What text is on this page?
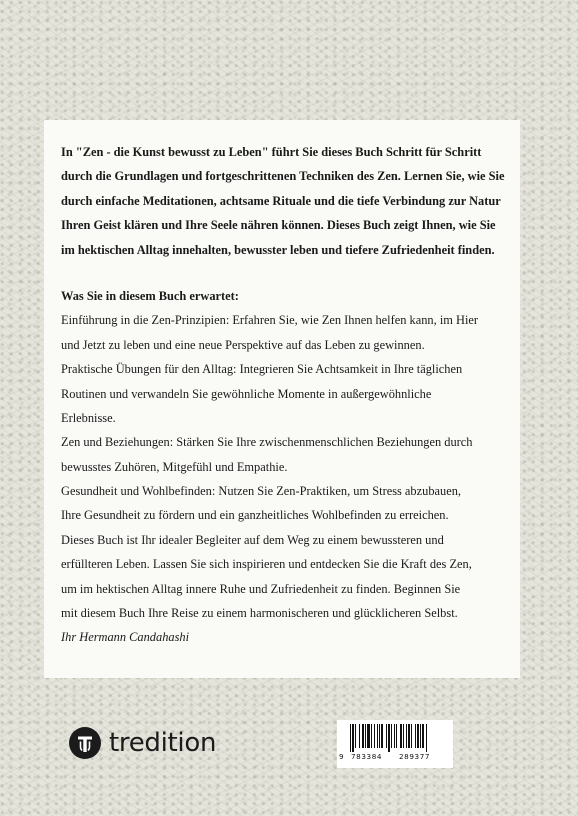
In "Zen - die Kunst bewusst zu Leben" führt Sie dieses Buch Schritt für Schritt
durch die Grundlagen und fortgeschrittenen Techniken des Zen. Lernen Sie, wie Sie
durch einfache Meditationen, achtsame Rituale und die tiefe Verbindung zur Natur
Ihren Geist klären und Ihre Seele nähren können. Dieses Buch zeigt Ihnen, wie Sie
im hektischen Alltag innehalten, bewusster leben und tiefere Zufriedenheit finden.
Was Sie in diesem Buch erwartet:
Einführung in die Zen-Prinzipien: Erfahren Sie, wie Zen Ihnen helfen kann, im Hier
und Jetzt zu leben und eine neue Perspektive auf das Leben zu gewinnen.
Praktische Übungen für den Alltag: Integrieren Sie Achtsamkeit in Ihre täglichen
Routinen und verwandeln Sie gewöhnliche Momente in außergewöhnliche
Erlebnisse.
Zen und Beziehungen: Stärken Sie Ihre zwischenmenschlichen Beziehungen durch
bewusstes Zuhören, Mitgefühl und Empathie.
Gesundheit und Wohlbefinden: Nutzen Sie Zen-Praktiken, um Stress abzubauen,
Ihre Gesundheit zu fördern und ein ganzheitliches Wohlbefinden zu erreichen.
Dieses Buch ist Ihr idealer Begleiter auf dem Weg zu einem bewussteren und
erfüllteren Leben. Lassen Sie sich inspirieren und entdecken Sie die Kraft des Zen,
um im hektischen Alltag innere Ruhe und Zufriedenheit zu finden. Beginnen Sie
mit diesem Buch Ihre Reise zu einem harmonischeren und glücklicheren Selbst.
Ihr Hermann Candahashi
tredition	9 783384 289377
